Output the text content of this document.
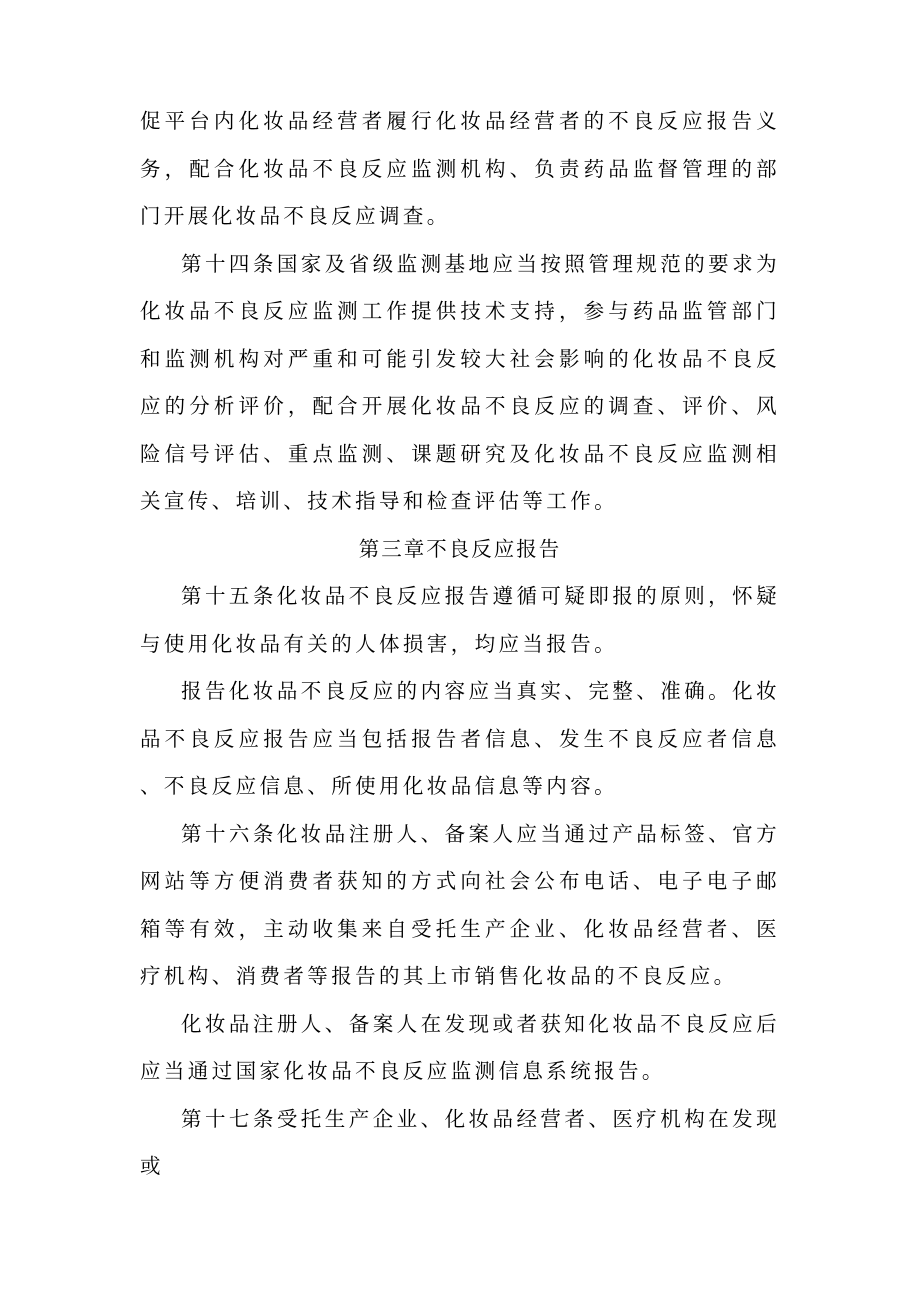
促平台内化妆品经营者履行化妆品经营者的不良反应报告义务，配合化妆品不良反应监测机构、负责药品监督管理的部门开展化妆品不良反应调查。

第十四条国家及省级监测基地应当按照管理规范的要求为化妆品不良反应监测工作提供技术支持，参与药品监管部门和监测机构对严重和可能引发较大社会影响的化妆品不良反应的分析评价，配合开展化妆品不良反应的调查、评价、风险信号评估、重点监测、课题研究及化妆品不良反应监测相关宣传、培训、技术指导和检查评估等工作。

第三章不良反应报告

第十五条化妆品不良反应报告遵循可疑即报的原则，怀疑与使用化妆品有关的人体损害，均应当报告。

报告化妆品不良反应的内容应当真实、完整、准确。化妆品不良反应报告应当包括报告者信息、发生不良反应者信息、不良反应信息、所使用化妆品信息等内容。

第十六条化妆品注册人、备案人应当通过产品标签、官方网站等方便消费者获知的方式向社会公布电话、电子电子邮箱等有效，主动收集来自受托生产企业、化妆品经营者、医疗机构、消费者等报告的其上市销售化妆品的不良反应。

化妆品注册人、备案人在发现或者获知化妆品不良反应后应当通过国家化妆品不良反应监测信息系统报告。

第十七条受托生产企业、化妆品经营者、医疗机构在发现或
